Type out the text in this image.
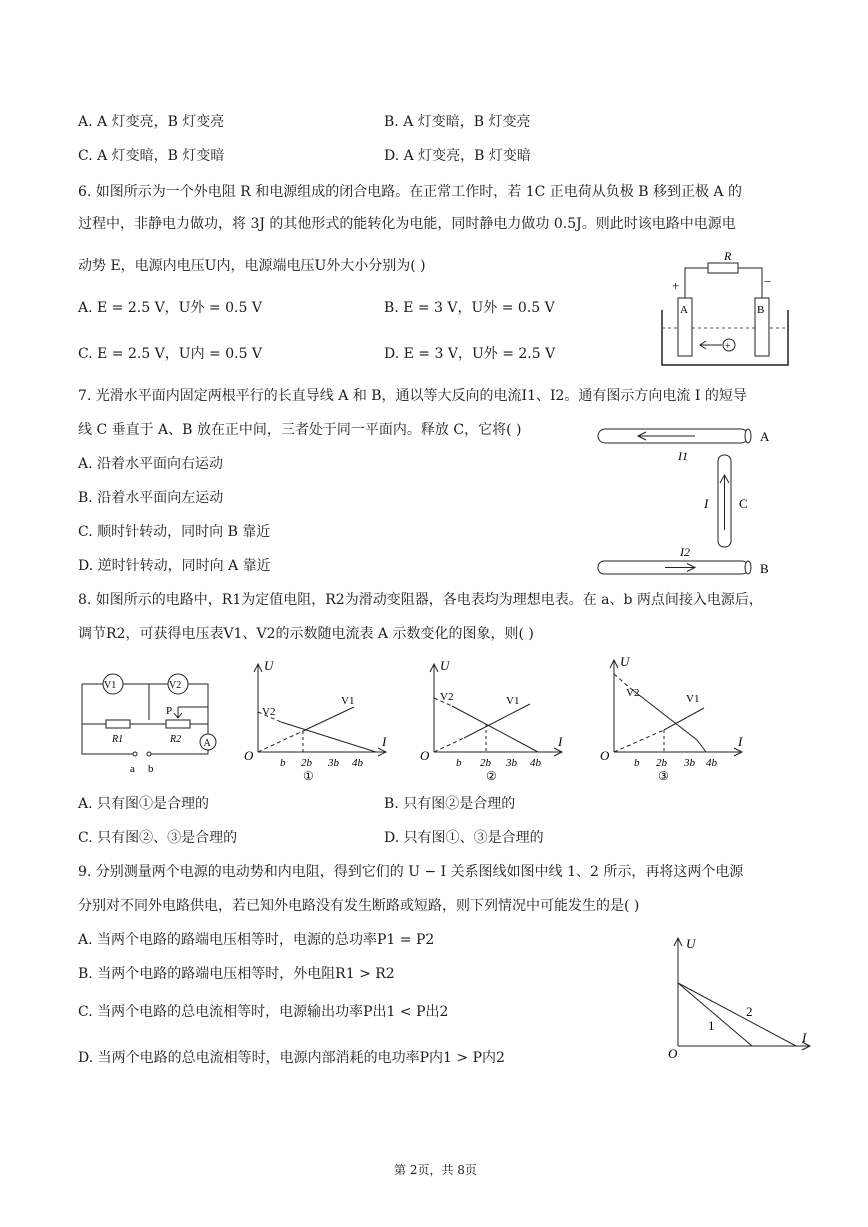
A. A 灯变亮，B 灯变亮	B. A 灯变暗，B 灯变亮
C. A 灯变暗，B 灯变暗	D. A 灯变亮，B 灯变暗
6. 如图所示为一个外电阻 R 和电源组成的闭合电路。在正常工作时，若 1C 正电荷从负极 B 移到正极 A 的
过程中，非静电力做功，将 3J 的其他形式的能转化为电能，同时静电力做功 0.5J。则此时该电路中电源电
动势 E，电源内电压U内，电源端电压U外大小分别为( )
A. E = 2.5 V，U外 = 0.5 V	B. E = 3 V，U外 = 0.5 V
C. E = 2.5 V，U内 = 0.5 V	D. E = 3 V，U外 = 2.5 V
R
+	−
A	B
+
7. 光滑水平面内固定两根平行的长直导线 A 和 B，通以等大反向的电流I1、I2。通有图示方向电流 I 的短导
线 C 垂直于 A、B 放在正中间，三者处于同一平面内。释放 C，它将( )
A. 沿着水平面向右运动
B. 沿着水平面向左运动
C. 顺时针转动，同时向 B 靠近
D. 逆时针转动，同时向 A 靠近
A
I1
I C
I2
B
8. 如图所示的电路中，R1为定值电阻，R2为滑动变阻器，各电表均为理想电表。在 a、b 两点间接入电源后，
调节R2，可获得电压表V1、V2的示数随电流表 A 示数变化的图象，则( )
V1	V2
P
R1	R2 A
a b
U
I
O
V1
V2
b 2b 3b 4b
①
U
I
O
V1
V2
b 2b 3b 4b
②
U
I
O
V1
V2
b 2b 3b 4b
③
A. 只有图①是合理的	B. 只有图②是合理的
C. 只有图②、③是合理的	D. 只有图①、③是合理的
9. 分别测量两个电源的电动势和内电阻，得到它们的 U − I 关系图线如图中线 1、2 所示，再将这两个电源
分别对不同外电路供电，若已知外电路没有发生断路或短路，则下列情况中可能发生的是( )
A. 当两个电路的路端电压相等时，电源的总功率P1 = P2
B. 当两个电路的路端电压相等时，外电阻R1 > R2
C. 当两个电路的总电流相等时，电源输出功率P出1 < P出2
D. 当两个电路的总电流相等时，电源内部消耗的电功率P内1 > P内2
U
I
O
1
2
第 2页，共 8页
